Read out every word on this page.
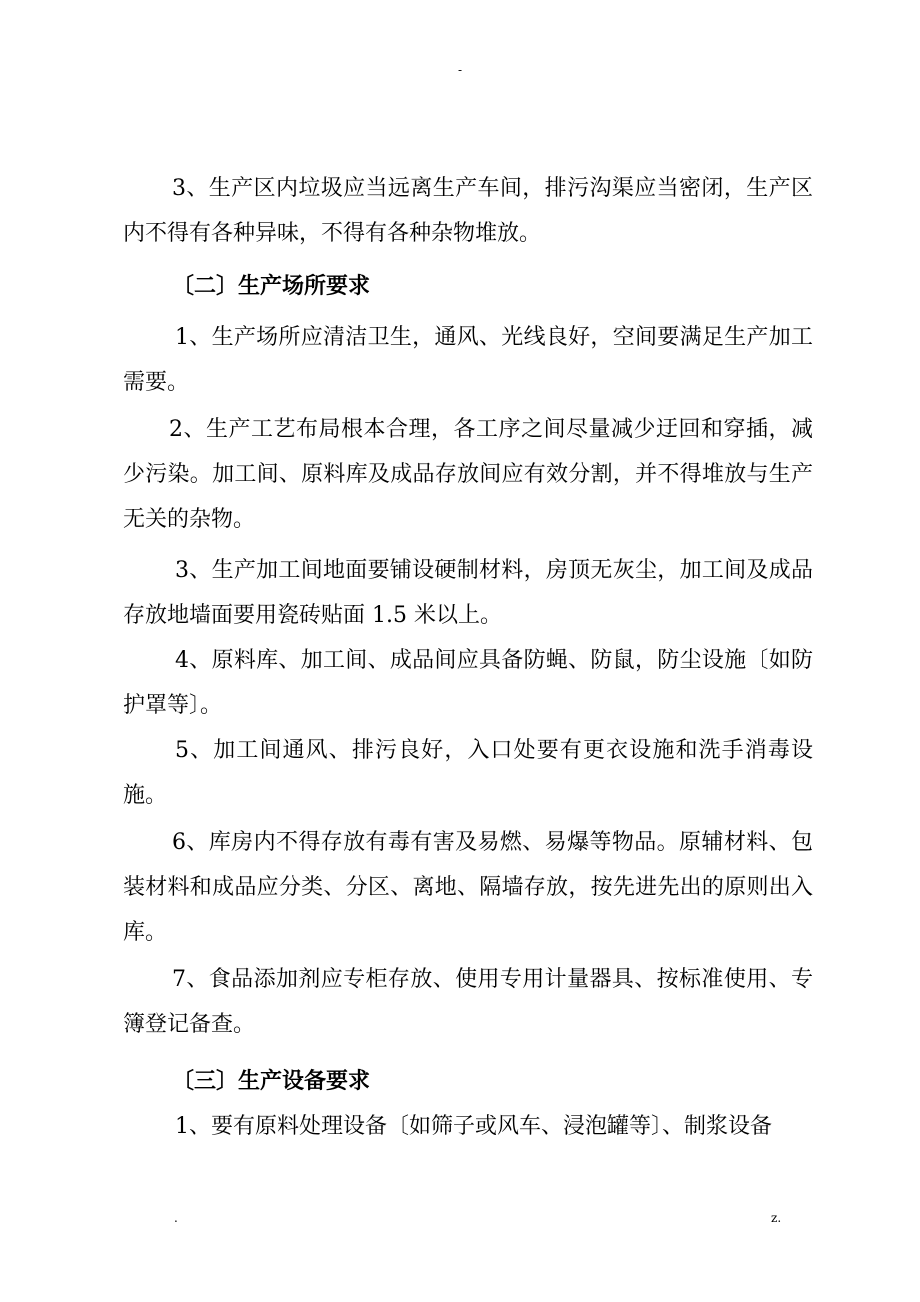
-

3、生产区内垃圾应当远离生产车间，排污沟渠应当密闭，生产区内不得有各种异味，不得有各种杂物堆放。

〔二〕生产场所要求

1、生产场所应清洁卫生，通风、光线良好，空间要满足生产加工需要。

2、生产工艺布局根本合理，各工序之间尽量减少迂回和穿插，减少污染。加工间、原料库及成品存放间应有效分割，并不得堆放与生产无关的杂物。

3、生产加工间地面要铺设硬制材料，房顶无灰尘，加工间及成品存放地墙面要用瓷砖贴面 1.5 米以上。

4、原料库、加工间、成品间应具备防蝇、防鼠，防尘设施〔如防护罩等〕。

5、加工间通风、排污良好，入口处要有更衣设施和洗手消毒设施。

6、库房内不得存放有毒有害及易燃、易爆等物品。原辅材料、包装材料和成品应分类、分区、离地、隔墙存放，按先进先出的原则出入库。

7、食品添加剂应专柜存放、使用专用计量器具、按标准使用、专簿登记备查。

〔三〕生产设备要求

1、要有原料处理设备〔如筛子或风车、浸泡罐等〕、制浆设备

.	z.
